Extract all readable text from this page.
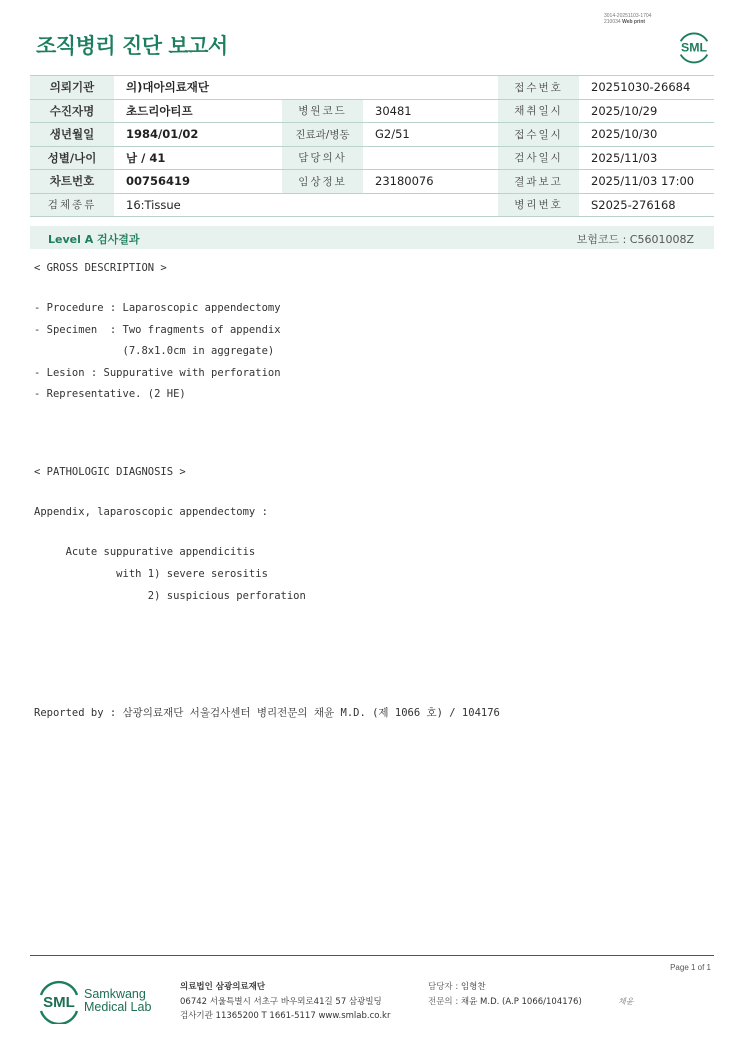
3014-20251103-1704
210034 Web print
조직병리 진단 보고서	SML
의뢰기관	의)대아의료재단			접수번호	20251030-26684
수진자명	초드리아티프	병원코드	30481	채취일시	2025/10/29
생년월일	1984/01/02	진료과/병동	G2/51	접수일시	2025/10/30
성별/나이	남 / 41	담당의사		검사일시	2025/11/03
차트번호	00756419	임상정보	23180076	결과보고	2025/11/03 17:00
검체종류	16:Tissue			병리번호	S2025-276168
Level A 검사결과	보험코드 : C5601008Z
< GROSS DESCRIPTION >
- Procedure : Laparoscopic appendectomy
- Specimen  : Two fragments of appendix
(7.8x1.0cm in aggregate)
- Lesion : Suppurative with perforation
- Representative. (2 HE)
< PATHOLOGIC DIAGNOSIS >
Appendix, laparoscopic appendectomy :
Acute suppurative appendicitis
with 1) severe serositis
2) suspicious perforation
Reported by : 삼광의료재단 서울검사센터 병리전문의 채윤 M.D. (제 1066 호) / 104176
Page 1 of 1
SML Samkwang
Medical Lab
의료법인 삼광의료재단
06742 서울특별시 서초구 바우뫼로41길 57 삼광빌딩
검사기관 11365200 T 1661-5117 www.smlab.co.kr
담당자 : 임형찬
전문의 : 채윤 M.D. (A.P 1066/104176)	채윤
